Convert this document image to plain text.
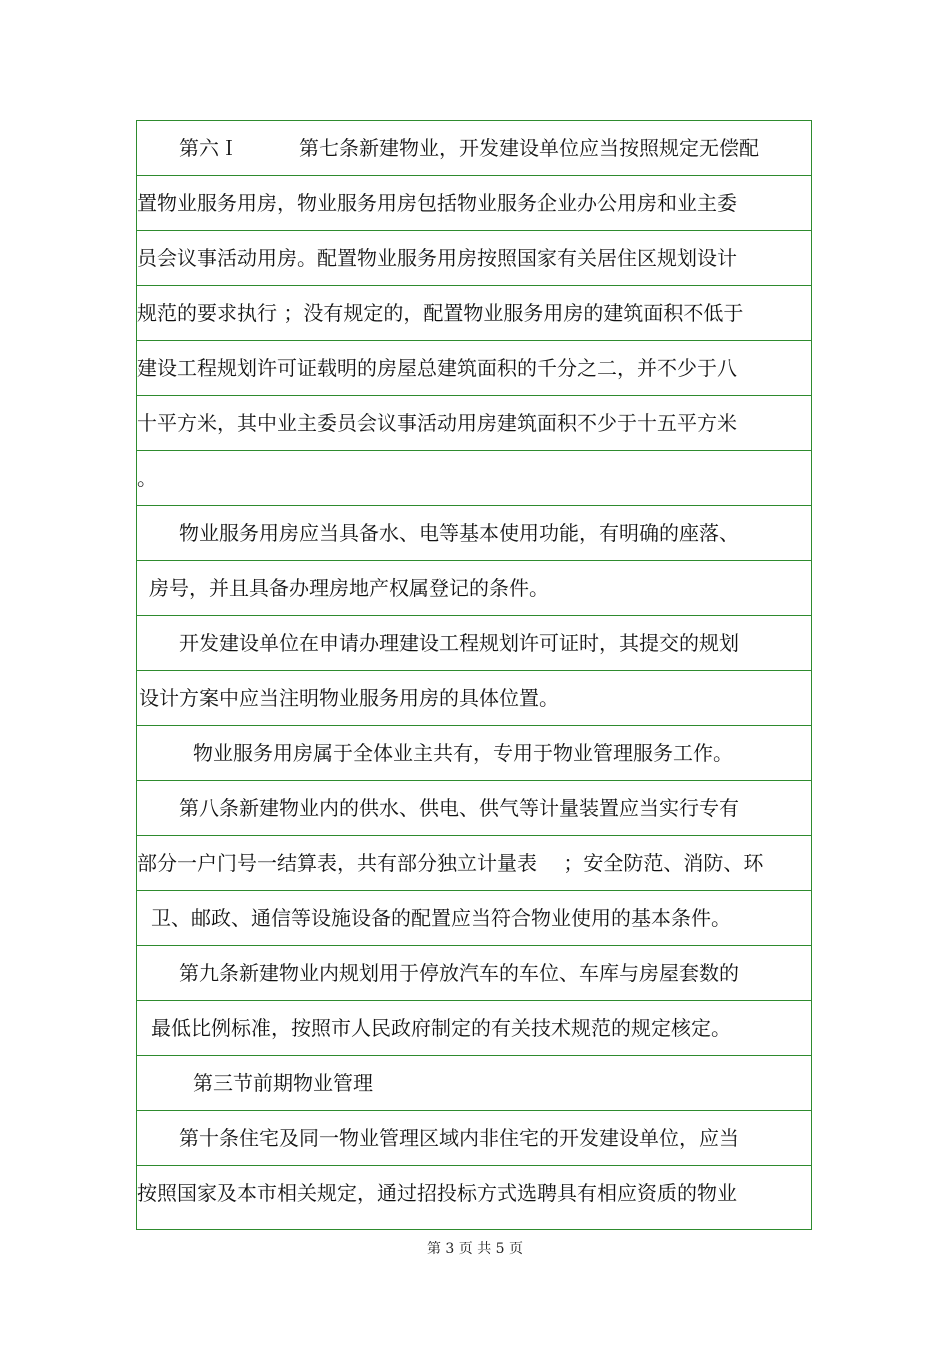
第六Ｉ　　　第七条新建物业，开发建设单位应当按照规定无偿配
置物业服务用房，物业服务用房包括物业服务企业办公用房和业主委
员会议事活动用房。配置物业服务用房按照国家有关居住区规划设计
规范的要求执行 ；没有规定的，配置物业服务用房的建筑面积不低于
建设工程规划许可证载明的房屋总建筑面积的千分之二，并不少于八
十平方米，其中业主委员会议事活动用房建筑面积不少于十五平方米
。
物业服务用房应当具备水、电等基本使用功能，有明确的座落、
房号，并且具备办理房地产权属登记的条件。
开发建设单位在申请办理建设工程规划许可证时，其提交的规划
设计方案中应当注明物业服务用房的具体位置。
物业服务用房属于全体业主共有，专用于物业管理服务工作。
第八条新建物业内的供水、供电、供气等计量装置应当实行专有
部分一户门号一结算表，共有部分独立计量表　 ；安全防范、消防、环
卫、邮政、通信等设施设备的配置应当符合物业使用的基本条件。
第九条新建物业内规划用于停放汽车的车位、车库与房屋套数的
最低比例标准，按照市人民政府制定的有关技术规范的规定核定。
第三节前期物业管理
第十条住宅及同一物业管理区域内非住宅的开发建设单位，应当
按照国家及本市相关规定，通过招投标方式选聘具有相应资质的物业
第 3 页 共 5 页
